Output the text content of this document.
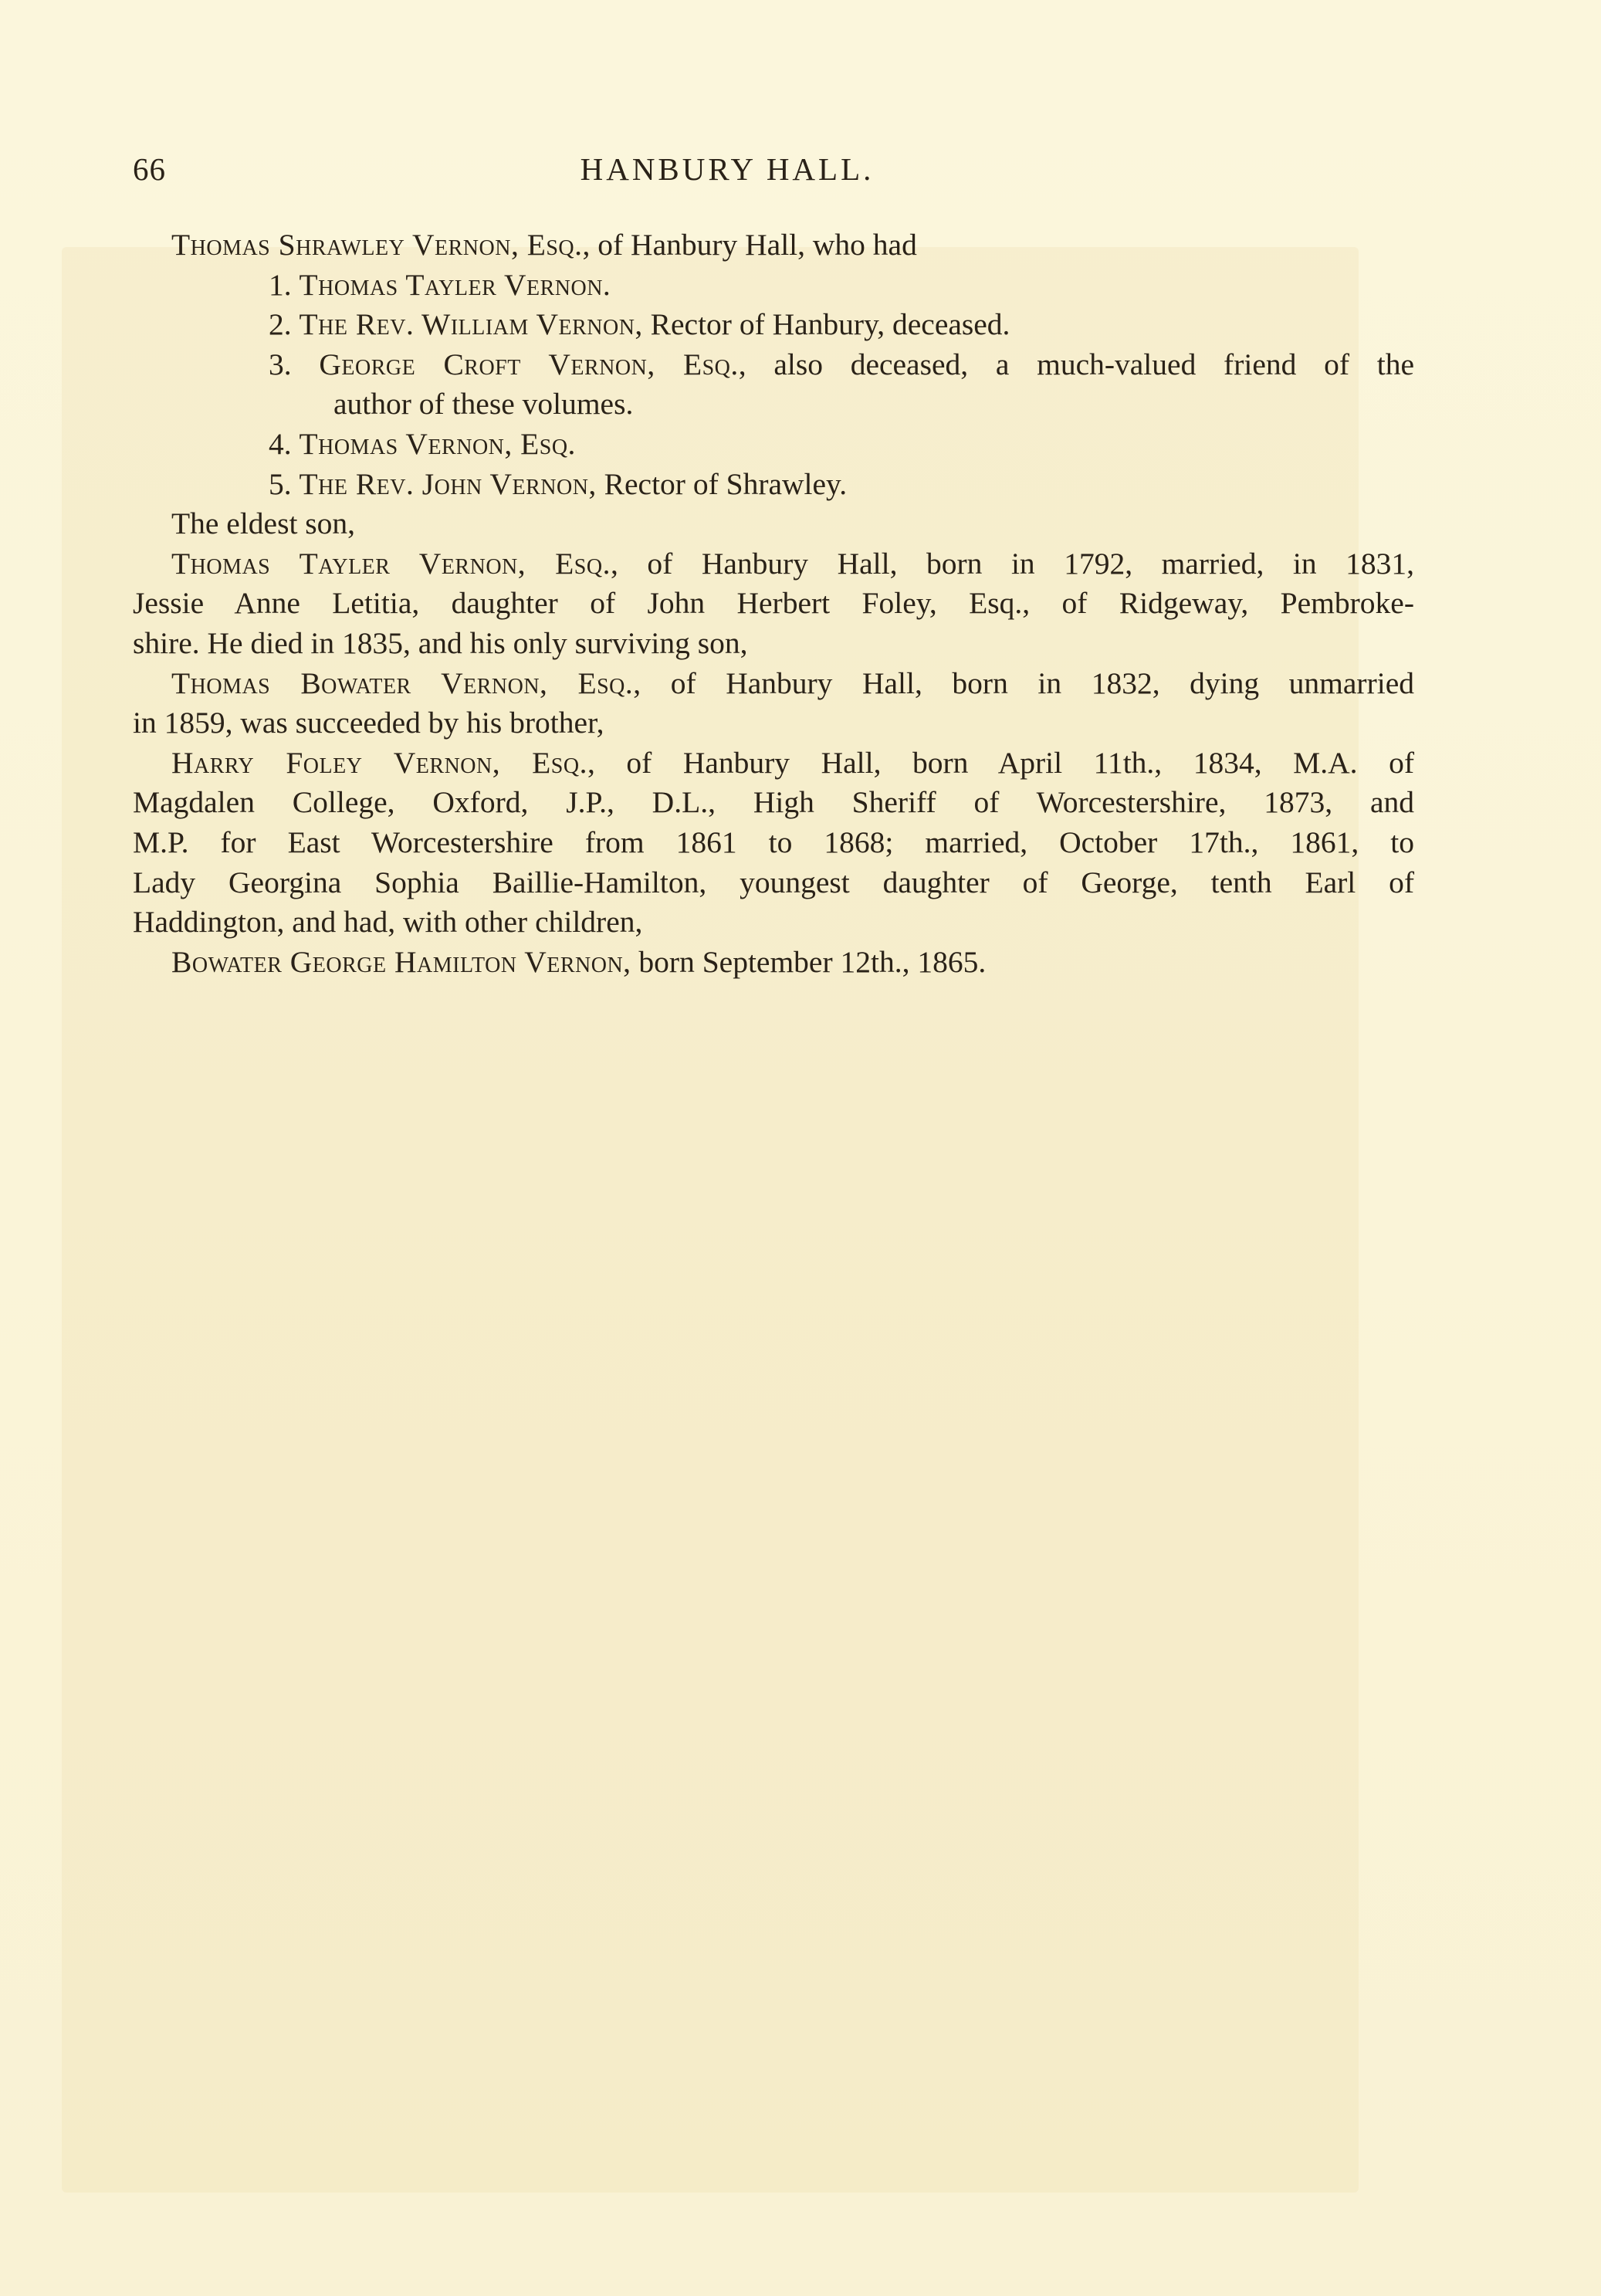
66	HANBURY HALL.
Thomas Shrawley Vernon, Esq., of Hanbury Hall, who had
1. Thomas Tayler Vernon.
2. The Rev. William Vernon, Rector of Hanbury, deceased.
3. George Croft Vernon, Esq., also deceased, a much-valued friend of the
author of these volumes.
4. Thomas Vernon, Esq.
5. The Rev. John Vernon, Rector of Shrawley.
The eldest son,
Thomas Tayler Vernon, Esq., of Hanbury Hall, born in 1792, married, in 1831,
Jessie Anne Letitia, daughter of John Herbert Foley, Esq., of Ridgeway, Pembroke-
shire. He died in 1835, and his only surviving son,
Thomas Bowater Vernon, Esq., of Hanbury Hall, born in 1832, dying unmarried
in 1859, was succeeded by his brother,
Harry Foley Vernon, Esq., of Hanbury Hall, born April 11th., 1834, M.A. of
Magdalen College, Oxford, J.P., D.L., High Sheriff of Worcestershire, 1873, and
M.P. for East Worcestershire from 1861 to 1868; married, October 17th., 1861, to
Lady Georgina Sophia Baillie-Hamilton, youngest daughter of George, tenth Earl of
Haddington, and had, with other children,
Bowater George Hamilton Vernon, born September 12th., 1865.
